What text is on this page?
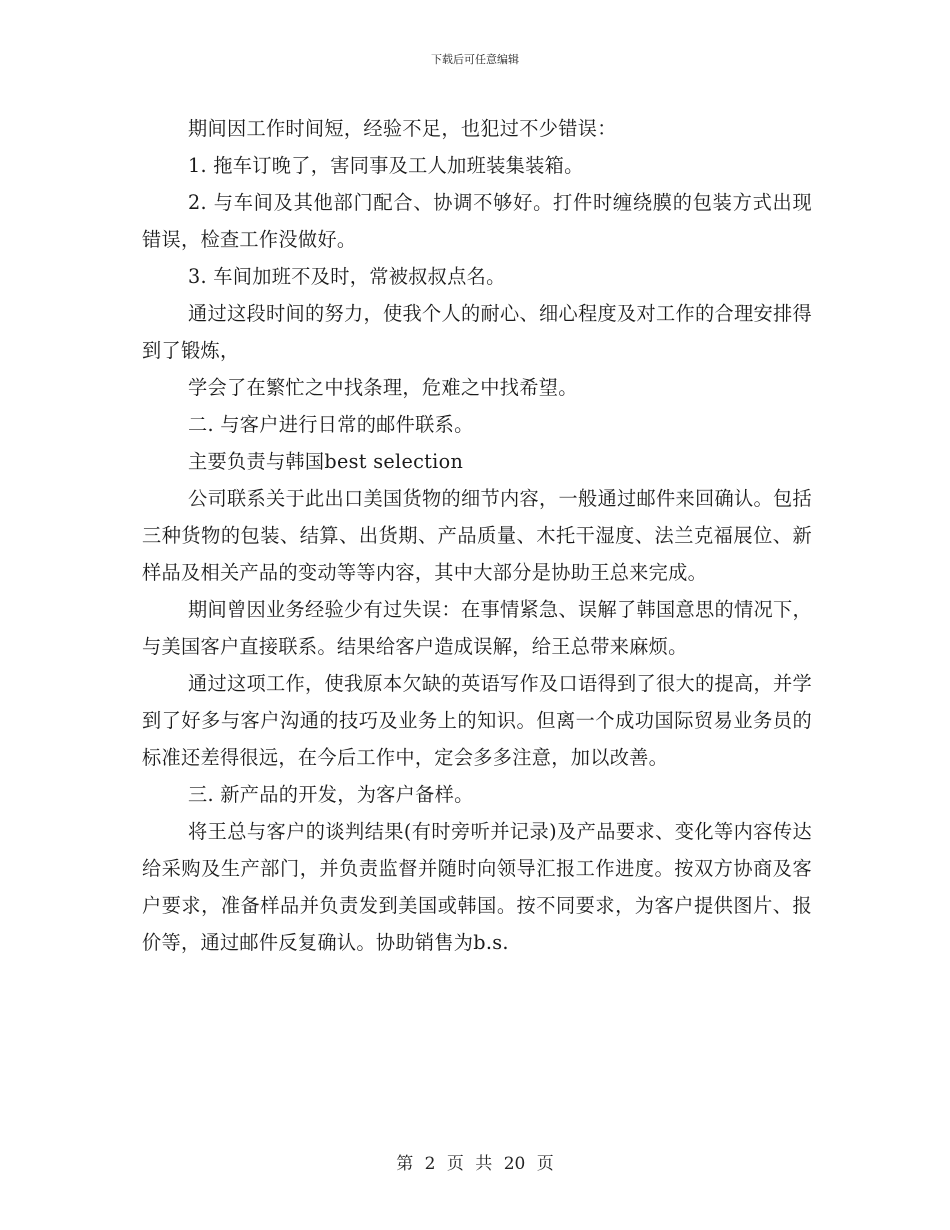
下载后可任意编辑

期间因工作时间短，经验不足，也犯过不少错误：

1. 拖车订晚了，害同事及工人加班装集装箱。

2. 与车间及其他部门配合、协调不够好。打件时缠绕膜的包装方式出现错误，检查工作没做好。

3. 车间加班不及时，常被叔叔点名。

通过这段时间的努力，使我个人的耐心、细心程度及对工作的合理安排得到了锻炼，

学会了在繁忙之中找条理，危难之中找希望。

二. 与客户进行日常的邮件联系。

主要负责与韩国best selection

公司联系关于此出口美国货物的细节内容，一般通过邮件来回确认。包括三种货物的包装、结算、出货期、产品质量、木托干湿度、法兰克福展位、新样品及相关产品的变动等等内容，其中大部分是协助王总来完成。

期间曾因业务经验少有过失误：在事情紧急、误解了韩国意思的情况下，与美国客户直接联系。结果给客户造成误解，给王总带来麻烦。

通过这项工作，使我原本欠缺的英语写作及口语得到了很大的提高，并学到了好多与客户沟通的技巧及业务上的知识。但离一个成功国际贸易业务员的标准还差得很远，在今后工作中，定会多多注意，加以改善。

三. 新产品的开发，为客户备样。

将王总与客户的谈判结果(有时旁听并记录)及产品要求、变化等内容传达给采购及生产部门，并负责监督并随时向领导汇报工作进度。按双方协商及客户要求，准备样品并负责发到美国或韩国。按不同要求，为客户提供图片、报价等，通过邮件反复确认。协助销售为b.s.

第 2 页 共 20 页
